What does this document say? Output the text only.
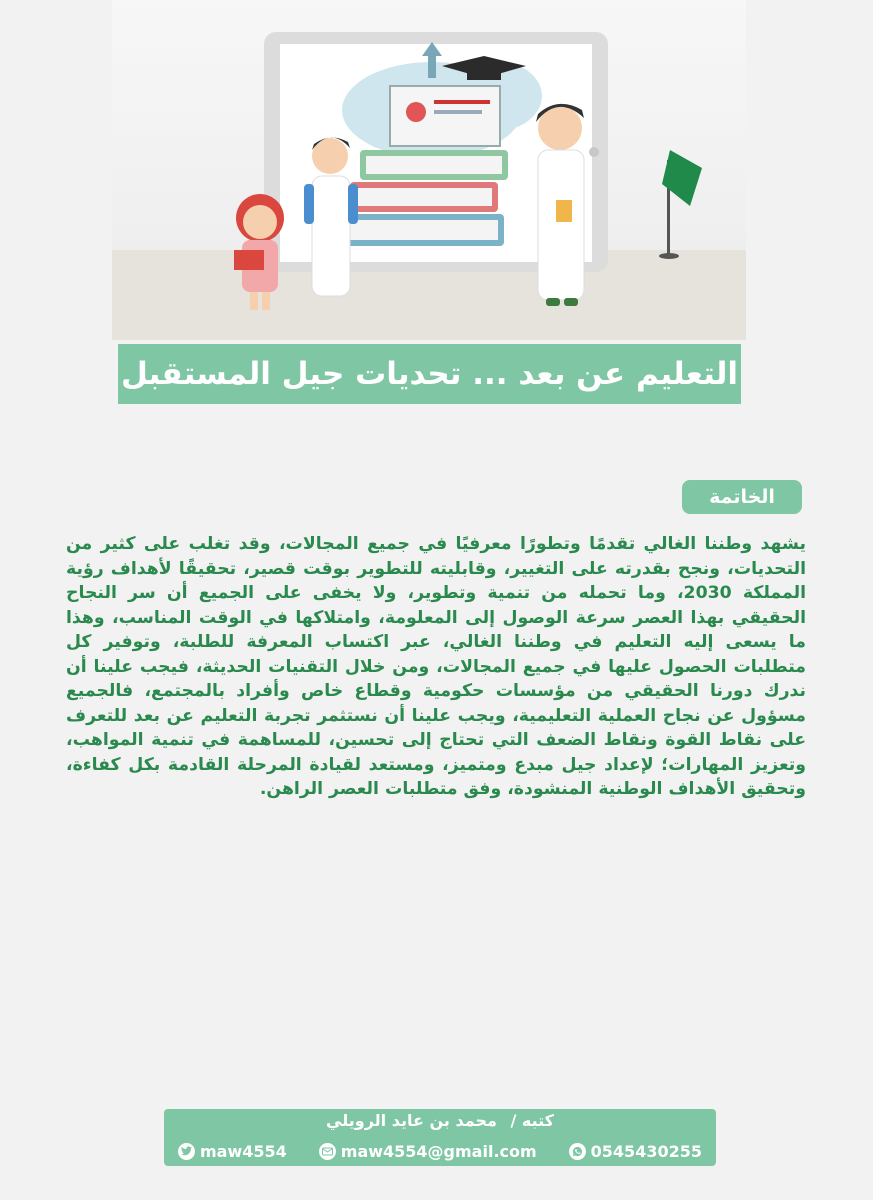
التعليم عن بعد ... تحديات جيل المستقبل
الخاتمة

يشهد وطننا الغالي تقدمًا وتطورًا معرفيًا في جميع المجالات، وقد تغلب على كثير من التحديات، ونجح بقدرته على التغيير، وقابليته للتطوير بوقت قصير، تحقيقًا لأهداف رؤية المملكة 2030، وما تحمله من تنمية وتطوير، ولا يخفى على الجميع أن سر النجاح الحقيقي بهذا العصر سرعة الوصول إلى المعلومة، وامتلاكها في الوقت المناسب، وهذا ما يسعى إليه التعليم في وطننا الغالي، عبر اكتساب المعرفة للطلبة، وتوفير كل متطلبات الحصول عليها في جميع المجالات، ومن خلال التقنيات الحديثة، فيجب علينا أن ندرك دورنا الحقيقي من مؤسسات حكومية وقطاع خاص وأفراد بالمجتمع، فالجميع مسؤول عن نجاح العملية التعليمية، ويجب علينا أن نستثمر تجربة التعليم عن بعد للتعرف على نقاط القوة ونقاط الضعف التي تحتاج إلى تحسين، للمساهمة في تنمية المواهب، وتعزيز المهارات؛ لإعداد جيل مبدع ومتميز، ومستعد لقيادة المرحلة القادمة بكل كفاءة، وتحقيق الأهداف الوطنية المنشودة، وفق متطلبات العصر الراهن.

كتبه / محمد بن عايد الرويلي
maw4554	maw4554@gmail.com	0545430255
